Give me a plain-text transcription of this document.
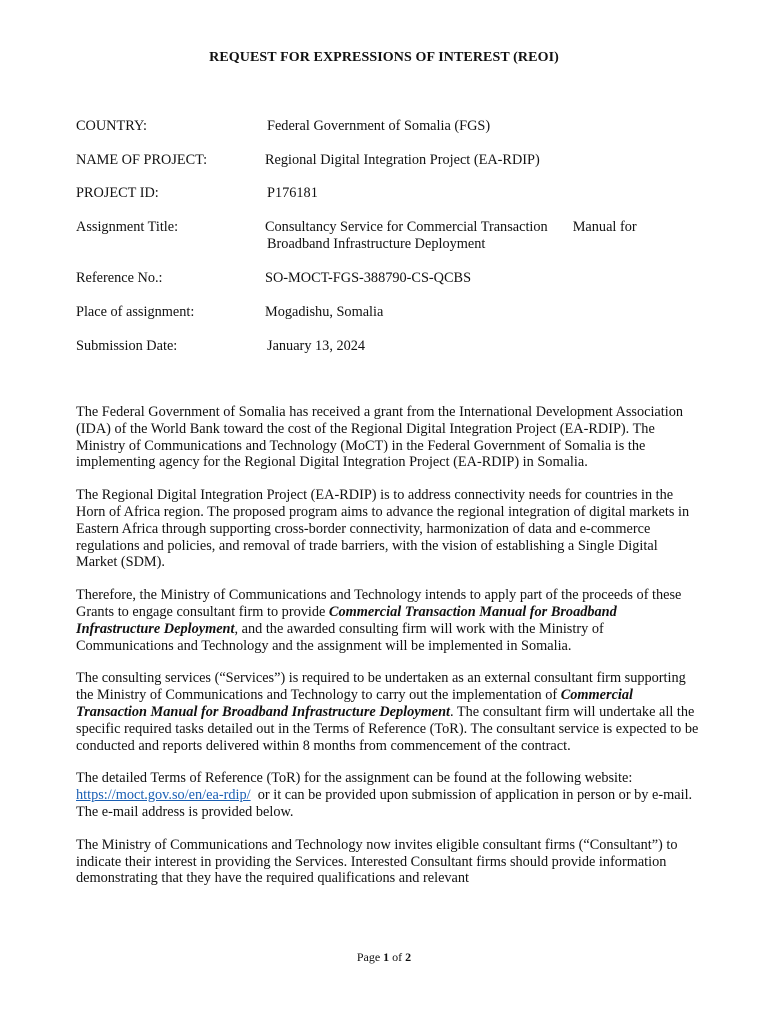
REQUEST FOR EXPRESSIONS OF INTEREST (REOI)
COUNTRY:	Federal Government of Somalia (FGS)
NAME OF PROJECT:	Regional Digital Integration Project (EA-RDIP)
PROJECT ID:	P176181
Assignment Title:	Consultancy Service for Commercial Transaction       Manual for
Broadband Infrastructure Deployment
Reference No.:	SO-MOCT-FGS-388790-CS-QCBS
Place of assignment:	Mogadishu, Somalia
Submission Date:	January 13, 2024

The Federal Government of Somalia has received a grant from the International Development Association (IDA) of the World Bank toward the cost of the Regional Digital Integration Project (EA-RDIP). The Ministry of Communications and Technology (MoCT) in the Federal Government of Somalia is the implementing agency for the Regional Digital Integration Project (EA-RDIP) in Somalia.

The Regional Digital Integration Project (EA-RDIP) is to address connectivity needs for countries in the Horn of Africa region. The proposed program aims to advance the regional integration of digital markets in Eastern Africa through supporting cross-border connectivity, harmonization of data and e-commerce regulations and policies, and removal of trade barriers, with the vision of establishing a Single Digital Market (SDM).

Therefore, the Ministry of Communications and Technology intends to apply part of the proceeds of these Grants to engage consultant firm to provide Commercial Transaction Manual for Broadband Infrastructure Deployment, and the awarded consulting firm will work with the Ministry of Communications and Technology and the assignment will be implemented in Somalia.

The consulting services (“Services”) is required to be undertaken as an external consultant firm supporting the Ministry of Communications and Technology to carry out the implementation of Commercial Transaction Manual for Broadband Infrastructure Deployment. The consultant firm will undertake all the specific required tasks detailed out in the Terms of Reference (ToR). The consultant service is expected to be conducted and reports delivered within 8 months from commencement of the contract.

The detailed Terms of Reference (ToR) for the assignment can be found at the following website: https://moct.gov.so/en/ea-rdip/  or it can be provided upon submission of application in person or by e-mail. The e-mail address is provided below.

The Ministry of Communications and Technology now invites eligible consultant firms (“Consultant”) to indicate their interest in providing the Services. Interested Consultant firms should provide information demonstrating that they have the required qualifications and relevant

Page 1 of 2
